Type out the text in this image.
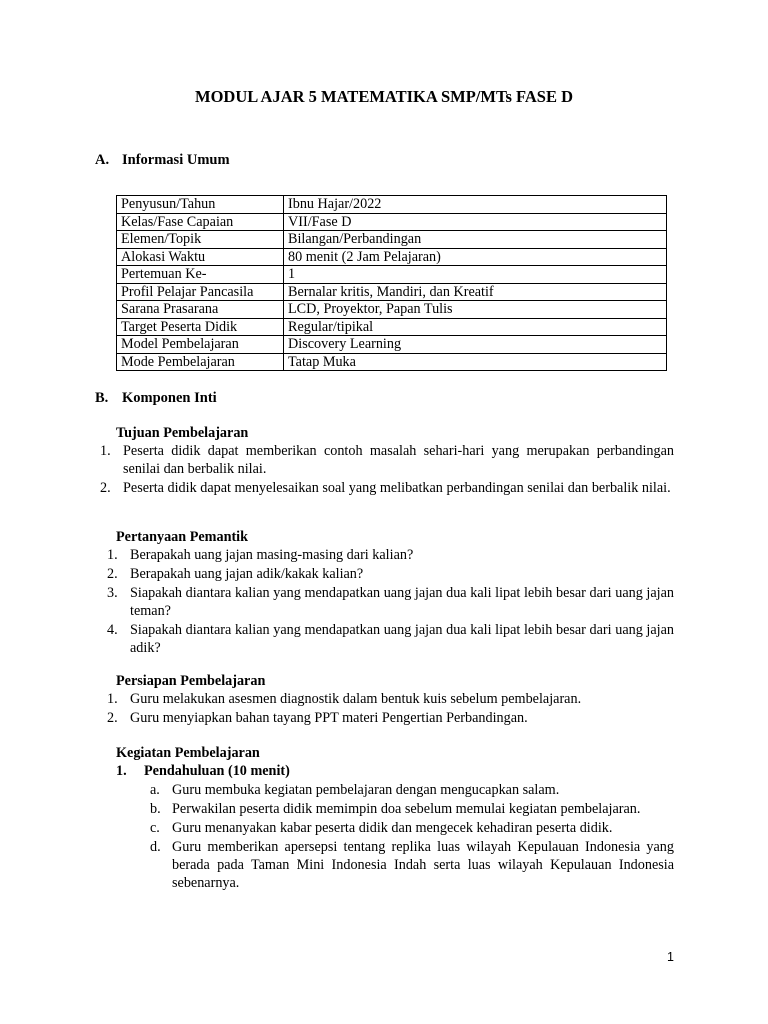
MODUL AJAR 5 MATEMATIKA SMP/MTs FASE D
A. Informasi Umum
Penyusun/Tahun	Ibnu Hajar/2022
Kelas/Fase Capaian	VII/Fase D
Elemen/Topik	Bilangan/Perbandingan
Alokasi Waktu	80 menit (2 Jam Pelajaran)
Pertemuan Ke-	1
Profil Pelajar Pancasila	Bernalar kritis, Mandiri, dan Kreatif
Sarana Prasarana	LCD, Proyektor, Papan Tulis
Target Peserta Didik	Regular/tipikal
Model Pembelajaran	Discovery Learning
Mode Pembelajaran	Tatap Muka
B. Komponen Inti
Tujuan Pembelajaran
1. Peserta didik dapat memberikan contoh masalah sehari-hari yang merupakan perbandingan senilai dan berbalik nilai.
2. Peserta didik dapat menyelesaikan soal yang melibatkan perbandingan senilai dan berbalik nilai.
Pertanyaan Pemantik
1. Berapakah uang jajan masing-masing dari kalian?
2. Berapakah uang jajan adik/kakak kalian?
3. Siapakah diantara kalian yang mendapatkan uang jajan dua kali lipat lebih besar dari uang jajan teman?
4. Siapakah diantara kalian yang mendapatkan uang jajan dua kali lipat lebih besar dari uang jajan adik?
Persiapan Pembelajaran
1. Guru melakukan asesmen diagnostik dalam bentuk kuis sebelum pembelajaran.
2. Guru menyiapkan bahan tayang PPT materi Pengertian Perbandingan.
Kegiatan Pembelajaran
1. Pendahuluan (10 menit)
a. Guru membuka kegiatan pembelajaran dengan mengucapkan salam.
b. Perwakilan peserta didik memimpin doa sebelum memulai kegiatan pembelajaran.
c. Guru menanyakan kabar peserta didik dan mengecek kehadiran peserta didik.
d. Guru memberikan apersepsi tentang replika luas wilayah Kepulauan Indonesia yang berada pada Taman Mini Indonesia Indah serta luas wilayah Kepulauan Indonesia sebenarnya.
1
